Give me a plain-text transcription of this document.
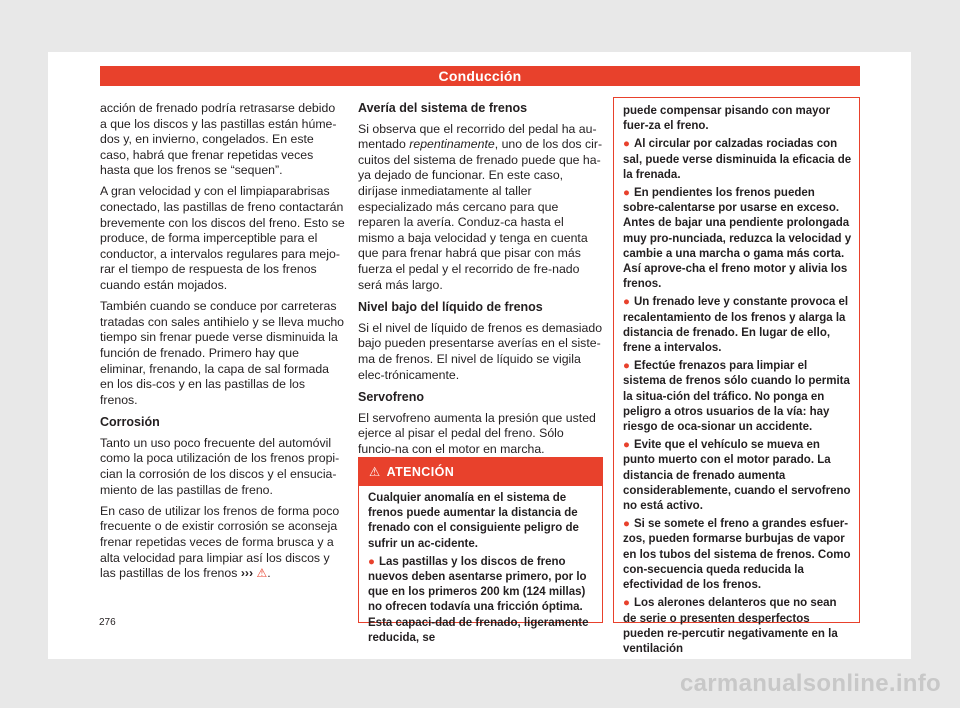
Conducción

acción de frenado podría retrasarse debido a que los discos y las pastillas están húme-dos y, en invierno, congelados. En este caso, habrá que frenar repetidas veces hasta que los frenos se “sequen”.

A gran velocidad y con el limpiaparabrisas conectado, las pastillas de freno contactarán brevemente con los discos del freno. Esto se produce, de forma imperceptible para el conductor, a intervalos regulares para mejo-rar el tiempo de respuesta de los frenos cuando están mojados.

También cuando se conduce por carreteras tratadas con sales antihielo y se lleva mucho tiempo sin frenar puede verse disminuida la función de frenado. Primero hay que eliminar, frenando, la capa de sal formada en los dis-cos y en las pastillas de los frenos.

Corrosión

Tanto un uso poco frecuente del automóvil como la poca utilización de los frenos propi-cian la corrosión de los discos y el ensucia-miento de las pastillas de freno.

En caso de utilizar los frenos de forma poco frecuente o de existir corrosión se aconseja frenar repetidas veces de forma brusca y a alta velocidad para limpiar así los discos y las pastillas de los frenos ››› ⚠.

Avería del sistema de frenos

Si observa que el recorrido del pedal ha au-mentado repentinamente, uno de los dos cir-cuitos del sistema de frenado puede que ha-ya dejado de funcionar. En este caso, diríjase inmediatamente al taller especializado más cercano para que reparen la avería. Conduz-ca hasta el mismo a baja velocidad y tenga en cuenta que para frenar habrá que pisar con más fuerza el pedal y el recorrido de fre-nado será más largo.

Nivel bajo del líquido de frenos

Si el nivel de líquido de frenos es demasiado bajo pueden presentarse averías en el siste-ma de frenos. El nivel de líquido se vigila elec-trónicamente.

Servofreno

El servofreno aumenta la presión que usted ejerce al pisar el pedal del freno. Sólo funcio-na con el motor en marcha.

⚠ ATENCIÓN

Cualquier anomalía en el sistema de frenos puede aumentar la distancia de frenado con el consiguiente peligro de sufrir un ac-cidente.

● Las pastillas y los discos de freno nuevos deben asentarse primero, por lo que en los primeros 200 km (124 millas) no ofrecen todavía una fricción óptima. Esta capaci-dad de frenado, ligeramente reducida, se

puede compensar pisando con mayor fuer-za el freno.

● Al circular por calzadas rociadas con sal, puede verse disminuida la eficacia de la frenada.

● En pendientes los frenos pueden sobre-calentarse por usarse en exceso. Antes de bajar una pendiente prolongada muy pro-nunciada, reduzca la velocidad y cambie a una marcha o gama más corta. Así aprove-cha el freno motor y alivia los frenos.

● Un frenado leve y constante provoca el recalentamiento de los frenos y alarga la distancia de frenado. En lugar de ello, frene a intervalos.

● Efectúe frenazos para limpiar el sistema de frenos sólo cuando lo permita la situa-ción del tráfico. No ponga en peligro a otros usuarios de la vía: hay riesgo de oca-sionar un accidente.

● Evite que el vehículo se mueva en punto muerto con el motor parado. La distancia de frenado aumenta considerablemente, cuando el servofreno no está activo.

● Si se somete el freno a grandes esfuer-zos, pueden formarse burbujas de vapor en los tubos del sistema de frenos. Como con-secuencia queda reducida la efectividad de los frenos.

● Los alerones delanteros que no sean de serie o presenten desperfectos pueden re-percutir negativamente en la ventilación

276
carmanualsonline.info
